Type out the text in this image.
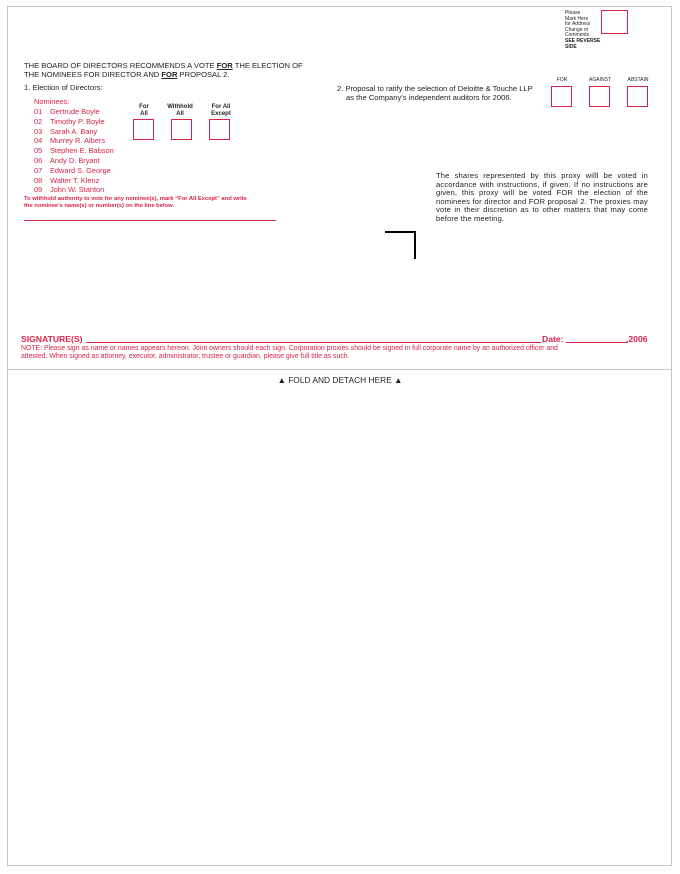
Please
Mark Here
for Address
Change or
Comments
SEE REVERSE SIDE
THE BOARD OF DIRECTORS RECOMMENDS A VOTE FOR THE ELECTION OF
THE NOMINEES FOR DIRECTOR AND FOR PROPOSAL 2.
1. Election of Directors:
Nominees:
01	Gertrude Boyle
02	Timothy P. Boyle
03	Sarah A. Bany
04	Murrey R. Albers
05	Stephen E. Babson
06	Andy D. Bryant
07	Edward S. George
08	Walter T. Klenz
09	John W. Stanton
For
All
Withhold
All
For All
Except
To withhold authority to vote for any nominee(s), mark “For All Except” and write
the nominee's name(s) or number(s) on the line below.
2. Proposal to ratify the selection of Deloitte & Touche LLP
as the Company's independent auditors for 2006.
FOR	AGAINST	ABSTAIN
The shares represented by this proxy willl be voted in accordance with instructions, if given. If no instructions are given, this proxy will be voted FOR the election of the nominees for director and FOR proposal 2. The proxies may vote in their discretion as to other matters that may come before the meeting.
SIGNATURE(S)	Date:	,2006
NOTE: Please sign as name or names appears hereon. Joint owners should each sign. Corporation proxies should be signed in full corporate name by an authorized officer and
attested. When signed as attorney, executor, administrator, trustee or guardian, please give full title as such.
▲ FOLD AND DETACH HERE ▲
